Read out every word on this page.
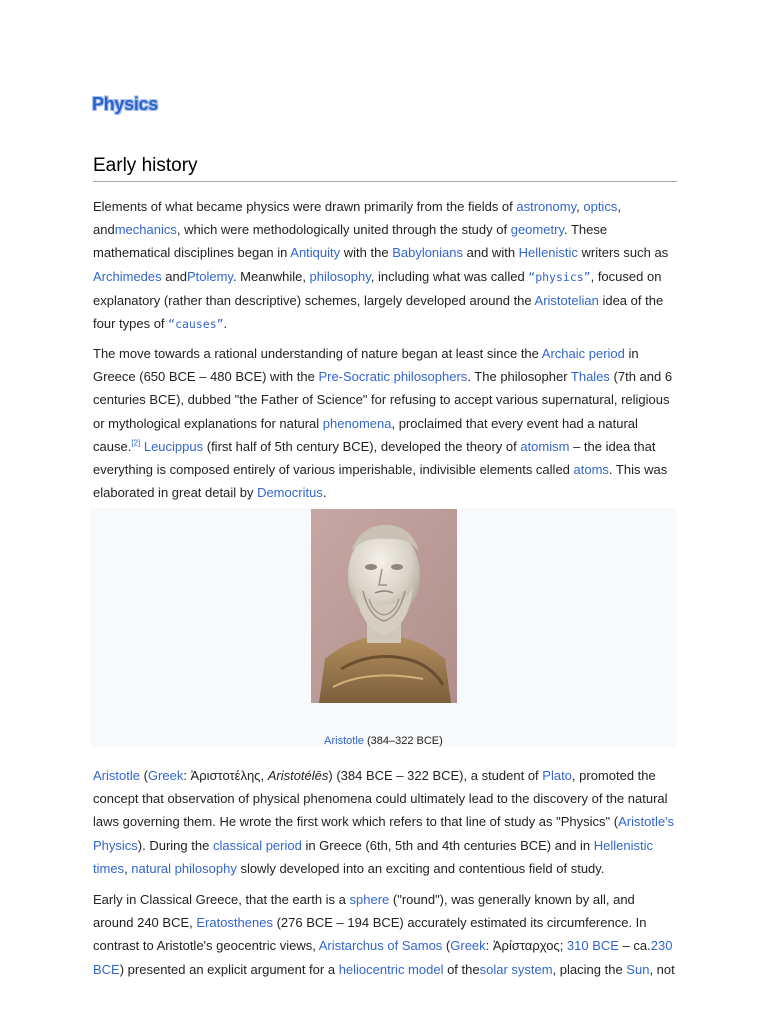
Physics
Early history

Elements of what became physics were drawn primarily from the fields of astronomy, optics, andmechanics, which were methodologically united through the study of geometry. These mathematical disciplines began in Antiquity with the Babylonians and with Hellenistic writers such as Archimedes andPtolemy. Meanwhile, philosophy, including what was called “physics”, focused on explanatory (rather than descriptive) schemes, largely developed around the Aristotelian idea of the four types of “causes”.

The move towards a rational understanding of nature began at least since the Archaic period in Greece (650 BCE – 480 BCE) with the Pre-Socratic philosophers. The philosopher Thales (7th and 6 centuries BCE), dubbed "the Father of Science" for refusing to accept various supernatural, religious or mythological explanations for natural phenomena, proclaimed that every event had a natural cause.[2] Leucippus (first half of 5th century BCE), developed the theory of atomism – the idea that everything is composed entirely of various imperishable, indivisible elements called atoms. This was elaborated in great detail by Democritus.

Aristotle (384–322 BCE)

Aristotle (Greek: Ἀριστοτέλης, Aristotélēs) (384 BCE – 322 BCE), a student of Plato, promoted the concept that observation of physical phenomena could ultimately lead to the discovery of the natural laws governing them. He wrote the first work which refers to that line of study as "Physics" (Aristotle's Physics). During the classical period in Greece (6th, 5th and 4th centuries BCE) and in Hellenistic times, natural philosophy slowly developed into an exciting and contentious field of study.

Early in Classical Greece, that the earth is a sphere ("round"), was generally known by all, and around 240 BCE, Eratosthenes (276 BCE – 194 BCE) accurately estimated its circumference. In contrast to Aristotle's geocentric views, Aristarchus of Samos (Greek: Ἀρίσταρχος; 310 BCE – ca.230 BCE) presented an explicit argument for a heliocentric model of thesolar system, placing the Sun, not
